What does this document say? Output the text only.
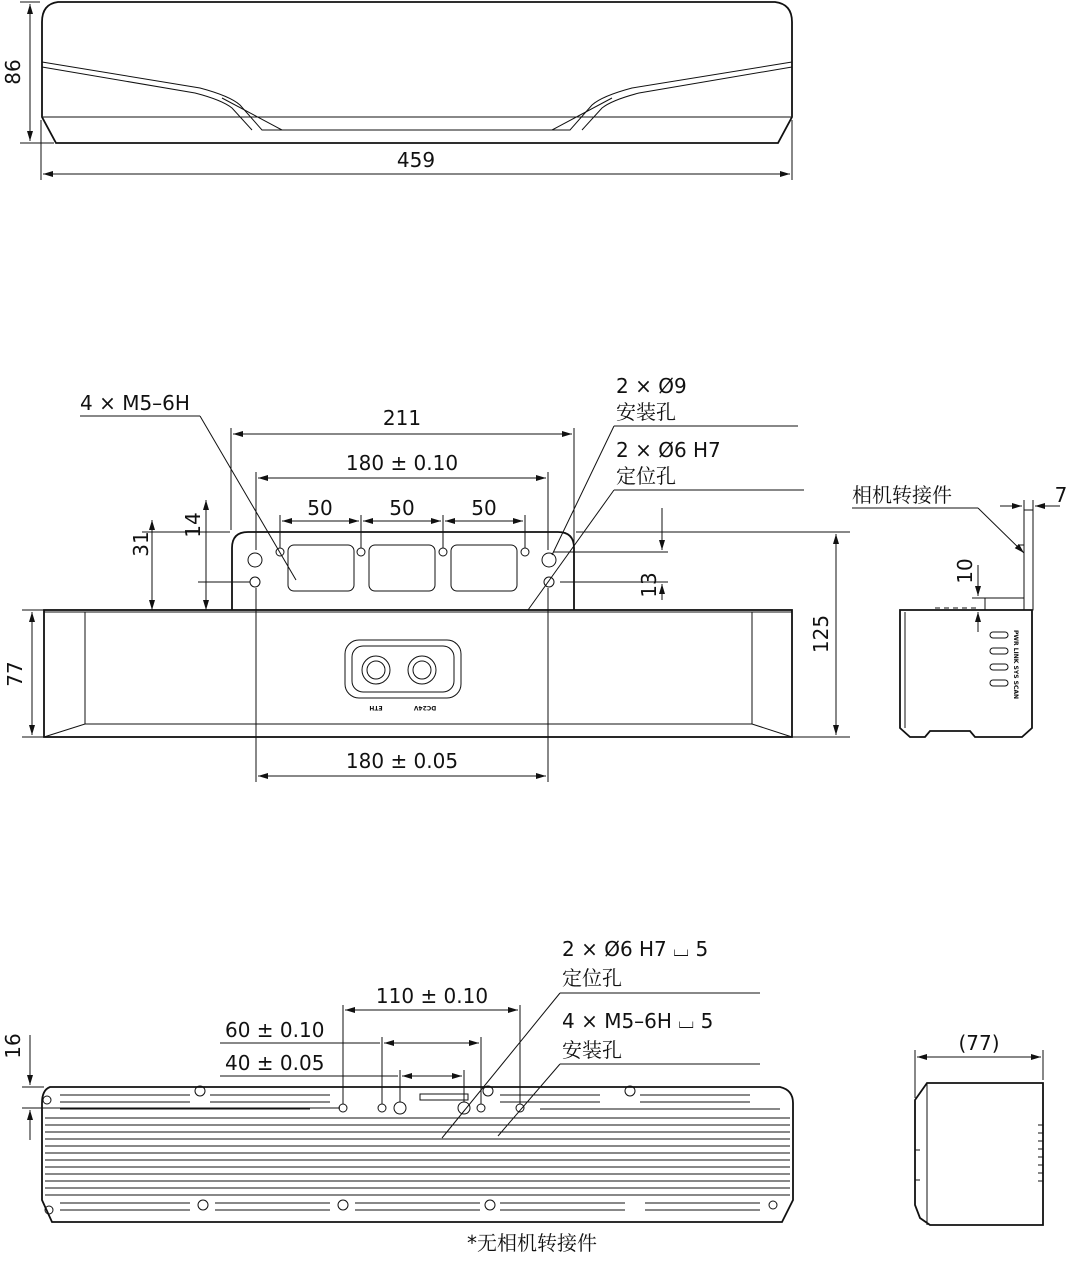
86
459
ETH	DC24V
4 × M5–6H
211
180 ± 0.10
50	50	50
2 × Ø9
安装孔
2 × Ø6 H7
定位孔
31
14
13
77
125
180 ± 0.05
PWR LINK SYS SCAN
相机转接件	7
10
2 × Ø6 H7 ⌴ 5
定位孔
4 × M5–6H ⌴ 5
安装孔
110 ± 0.10
60 ± 0.10
40 ± 0.05
16	(77)
*无相机转接件
